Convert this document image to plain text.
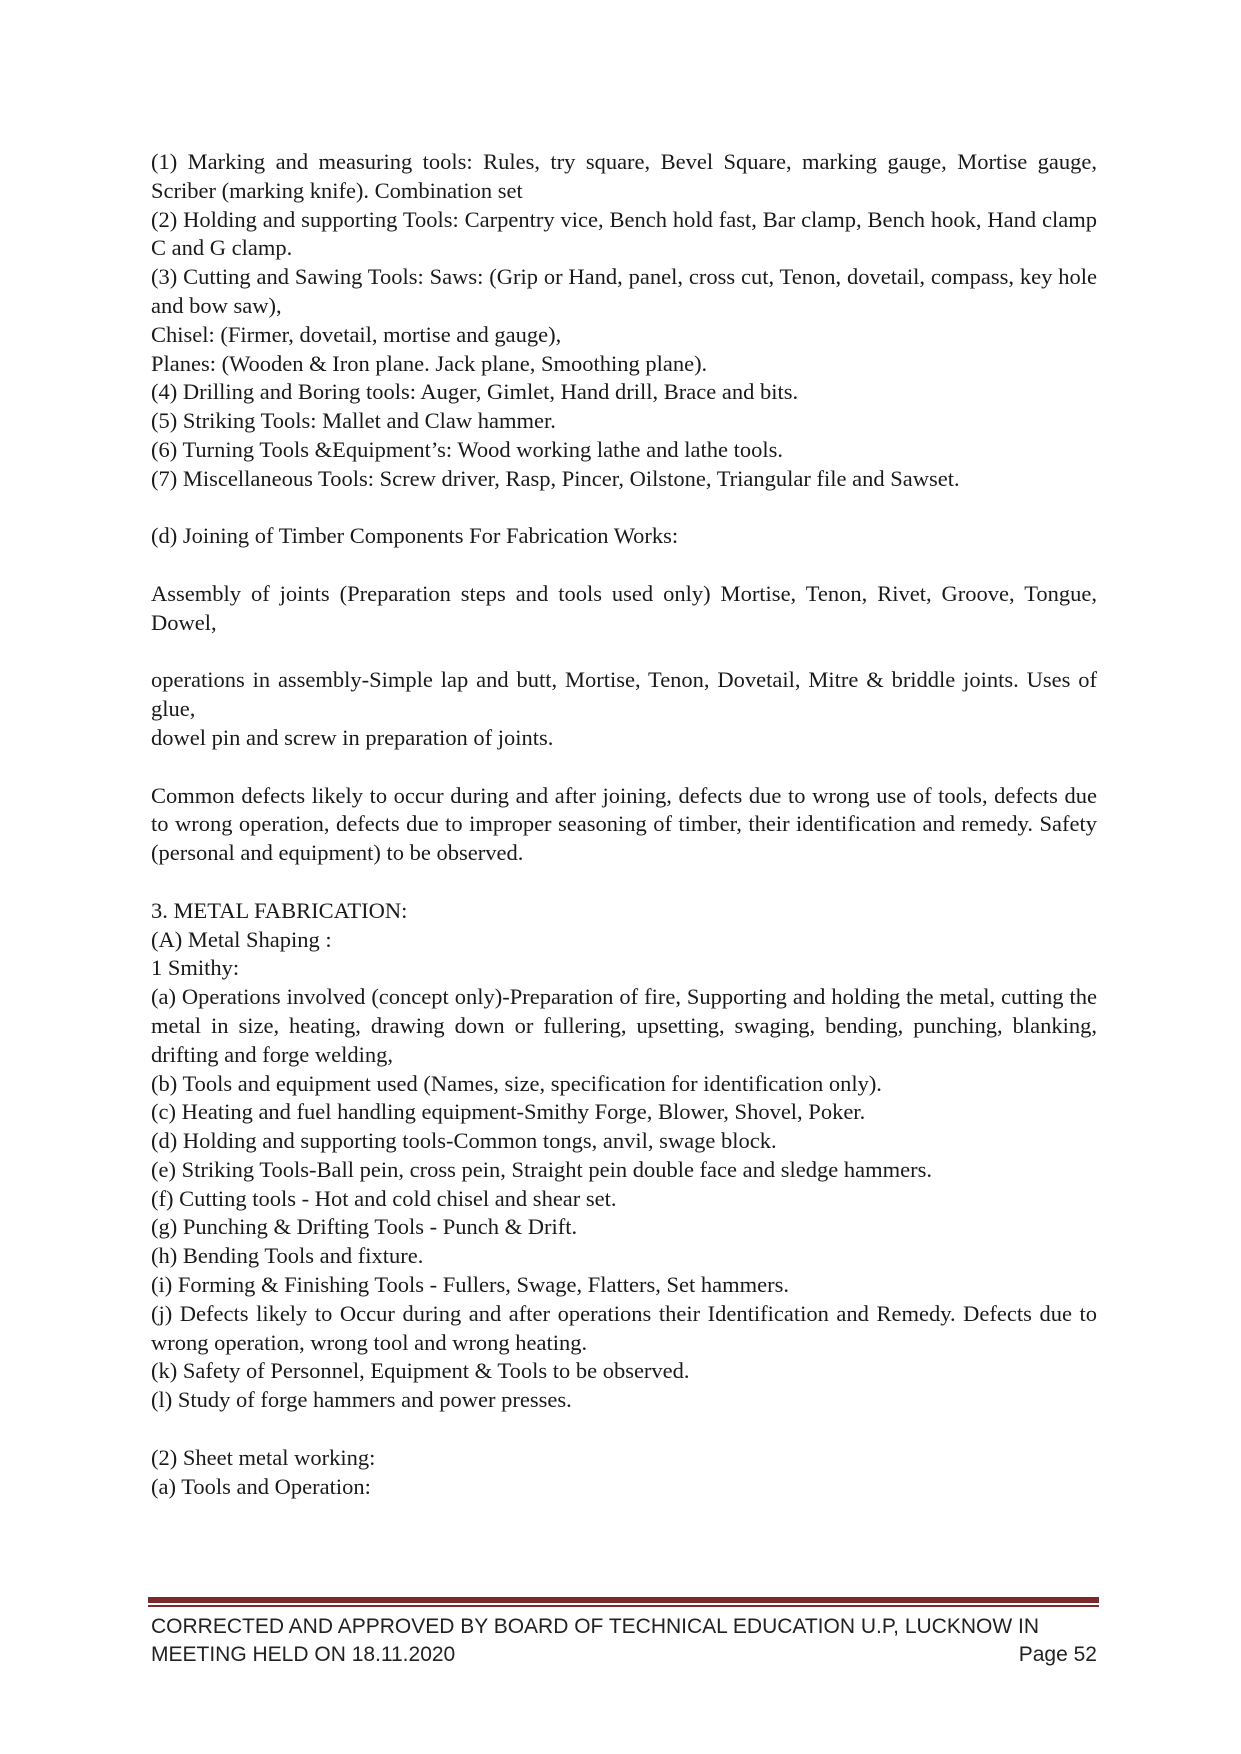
(1) Marking and measuring tools: Rules, try square, Bevel Square, marking gauge, Mortise gauge, Scriber (marking knife). Combination set

(2) Holding and supporting Tools: Carpentry vice, Bench hold fast, Bar clamp, Bench hook, Hand clamp C and G clamp.

(3) Cutting and Sawing Tools: Saws: (Grip or Hand, panel, cross cut, Tenon, dovetail, compass, key hole and bow saw),

Chisel: (Firmer, dovetail, mortise and gauge),

Planes: (Wooden & Iron plane. Jack plane, Smoothing plane).

(4) Drilling and Boring tools: Auger, Gimlet, Hand drill, Brace and bits.

(5) Striking Tools: Mallet and Claw hammer.

(6) Turning Tools &Equipment’s: Wood working lathe and lathe tools.

(7) Miscellaneous Tools: Screw driver, Rasp, Pincer, Oilstone, Triangular file and Sawset.

(d) Joining of Timber Components For Fabrication Works:

Assembly of joints (Preparation steps and tools used only) Mortise, Tenon, Rivet, Groove, Tongue, Dowel,

operations in assembly-Simple lap and butt, Mortise, Tenon, Dovetail, Mitre & briddle joints. Uses of glue,

dowel pin and screw in preparation of joints.

Common defects likely to occur during and after joining, defects due to wrong use of tools, defects due to wrong operation, defects due to improper seasoning of timber, their identification and remedy. Safety (personal and equipment) to be observed.

3. METAL FABRICATION:

(A) Metal Shaping :

1 Smithy:

(a) Operations involved (concept only)-Preparation of fire, Supporting and holding the metal, cutting the metal in size, heating, drawing down or fullering, upsetting, swaging, bending, punching, blanking, drifting and forge welding,

(b) Tools and equipment used (Names, size, specification for identification only).

(c) Heating and fuel handling equipment-Smithy Forge, Blower, Shovel, Poker.

(d) Holding and supporting tools-Common tongs, anvil, swage block.

(e) Striking Tools-Ball pein, cross pein, Straight pein double face and sledge hammers.

(f) Cutting tools - Hot and cold chisel and shear set.

(g) Punching & Drifting Tools - Punch & Drift.

(h) Bending Tools and fixture.

(i) Forming & Finishing Tools - Fullers, Swage, Flatters, Set hammers.

(j) Defects likely to Occur during and after operations their Identification and Remedy. Defects due to wrong operation, wrong tool and wrong heating.

(k) Safety of Personnel, Equipment & Tools to be observed.

(l) Study of forge hammers and power presses.

(2) Sheet metal working:

(a) Tools and Operation:

CORRECTED AND APPROVED BY BOARD OF TECHNICAL EDUCATION U.P, LUCKNOW IN
MEETING HELD ON 18.11.2020	Page 52
